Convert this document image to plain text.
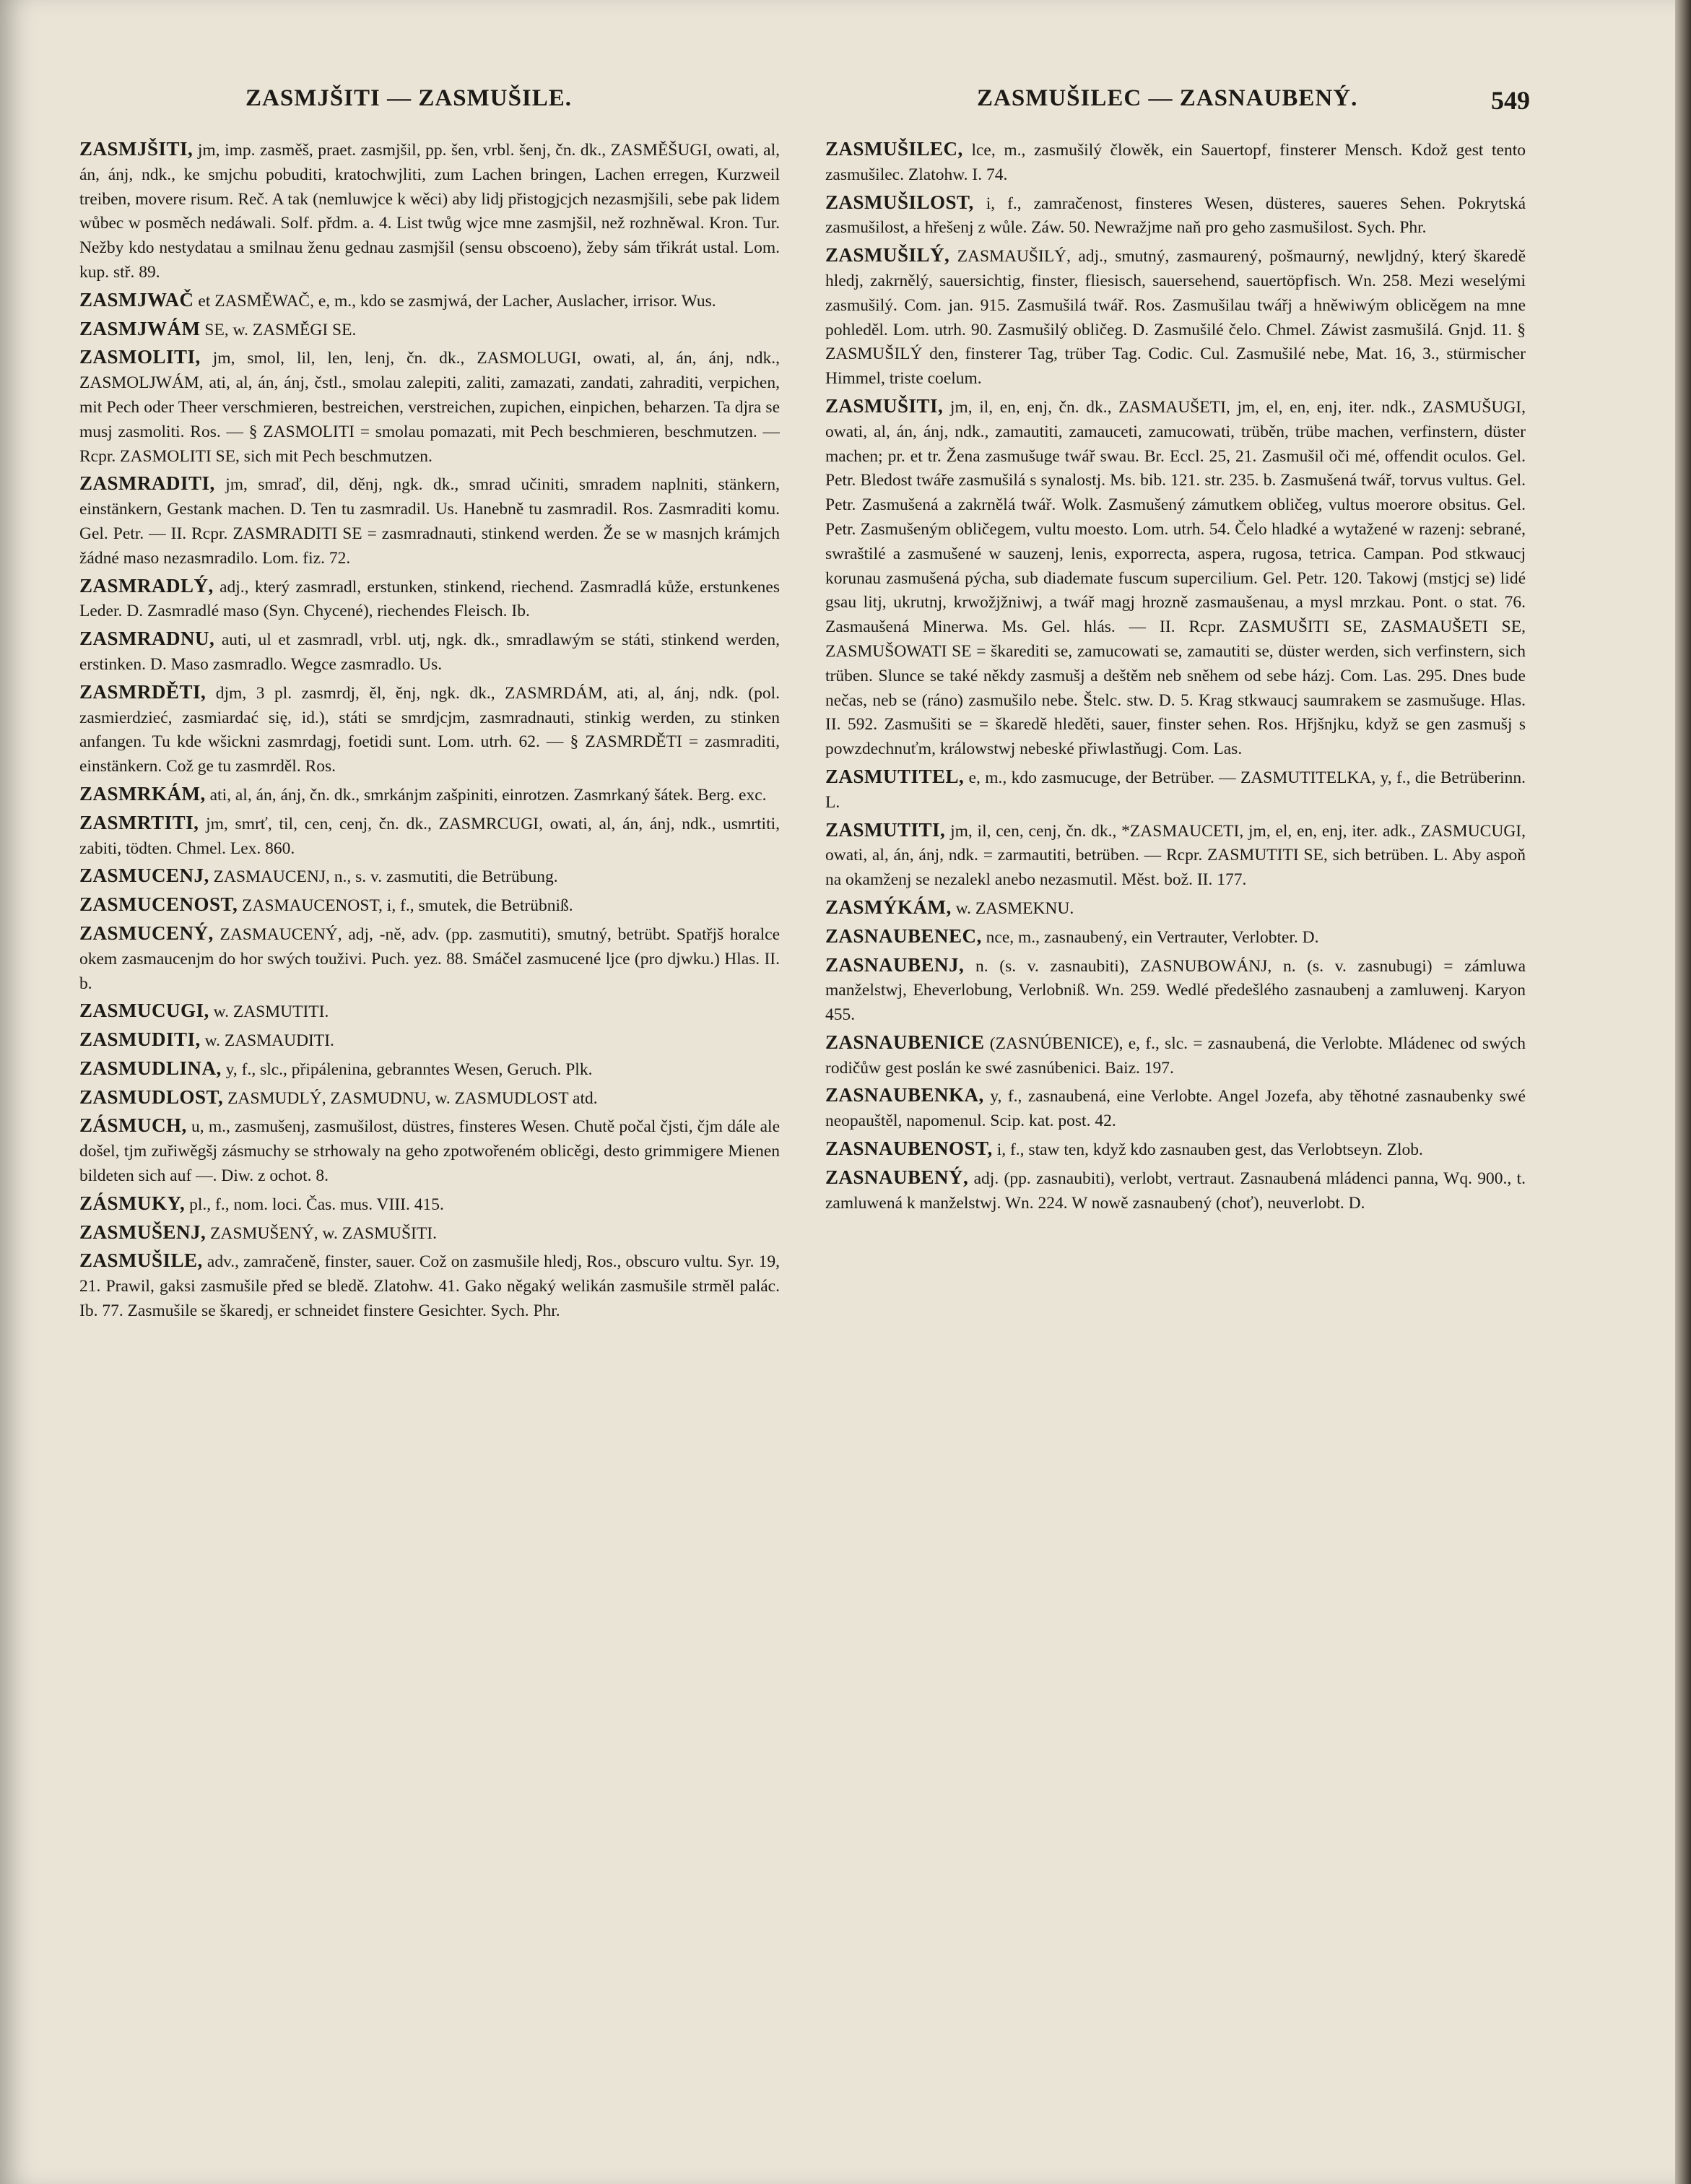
ZASMJŠITI — ZASMUŠILE.	ZASMUŠILEC — ZASNAUBENÝ.	549

ZASMJŠITI, jm, imp. zasměš, praet. zasmjšil, pp. šen, vrbl. šenj, čn. dk., ZASMĚŠUGI, owati, al, án, ánj, ndk., ke smjchu pobuditi, kratochwjliti, zum Lachen bringen, Lachen erregen, Kurzweil treiben, movere risum. Reč. A tak (nemluwjce k wěci) aby lidj přistogjcjch nezasmjšili, sebe pak lidem wůbec w posměch nedáwali. Solf. přdm. a. 4. List twůg wjce mne zasmjšil, než rozhněwal. Kron. Tur. Nežby kdo nestydatau a smilnau ženu gednau zasmjšil (sensu obscoeno), žeby sám třikrát ustal. Lom. kup. stř. 89.

ZASMJWAČ et ZASMĚWAČ, e, m., kdo se zasmjwá, der Lacher, Auslacher, irrisor. Wus.

ZASMJWÁM SE, w. ZASMĚGI SE.

ZASMOLITI, jm, smol, lil, len, lenj, čn. dk., ZASMOLUGI, owati, al, án, ánj, ndk., ZASMOLJWÁM, ati, al, án, ánj, čstl., smolau zalepiti, zaliti, zamazati, zandati, zahraditi, verpichen, mit Pech oder Theer verschmieren, bestreichen, verstreichen, zupichen, einpichen, beharzen. Ta djra se musj zasmoliti. Ros. — § ZASMOLITI = smolau pomazati, mit Pech beschmieren, beschmutzen. — Rcpr. ZASMOLITI SE, sich mit Pech beschmutzen.

ZASMRADITI, jm, smraď, dil, děnj, ngk. dk., smrad učiniti, smradem naplniti, stänkern, einstänkern, Gestank machen. D. Ten tu zasmradil. Us. Hanebně tu zasmradil. Ros. Zasmraditi komu. Gel. Petr. — II. Rcpr. ZASMRADITI SE = zasmradnauti, stinkend werden. Že se w masnjch krámjch žádné maso nezasmradilo. Lom. fiz. 72.

ZASMRADLÝ, adj., který zasmradl, erstunken, stinkend, riechend. Zasmradlá kůže, erstunkenes Leder. D. Zasmradlé maso (Syn. Chycené), riechendes Fleisch. Ib.

ZASMRADNU, auti, ul et zasmradl, vrbl. utj, ngk. dk., smradlawým se státi, stinkend werden, erstinken. D. Maso zasmradlo. Wegce zasmradlo. Us.

ZASMRDĚTI, djm, 3 pl. zasmrdj, ěl, ěnj, ngk. dk., ZASMRDÁM, ati, al, ánj, ndk. (pol. zasmierdzieć, zasmiardać się, id.), státi se smrdjcjm, zasmradnauti, stinkig werden, zu stinken anfangen. Tu kde wšickni zasmrdagj, foetidi sunt. Lom. utrh. 62. — § ZASMRDĚTI = zasmraditi, einstänkern. Což ge tu zasmrděl. Ros.

ZASMRKÁM, ati, al, án, ánj, čn. dk., smrkánjm zašpiniti, einrotzen. Zasmrkaný šátek. Berg. exc.

ZASMRTITI, jm, smrť, til, cen, cenj, čn. dk., ZASMRCUGI, owati, al, án, ánj, ndk., usmrtiti, zabiti, tödten. Chmel. Lex. 860.

ZASMUCENJ, ZASMAUCENJ, n., s. v. zasmutiti, die Betrübung.

ZASMUCENOST, ZASMAUCENOST, i, f., smutek, die Betrübniß.

ZASMUCENÝ, ZASMAUCENÝ, adj, -ně, adv. (pp. zasmutiti), smutný, betrübt. Spatřjš horalce okem zasmaucenjm do hor swých touživi. Puch. yez. 88. Smáčel zasmucené ljce (pro djwku.) Hlas. II. b.

ZASMUCUGI, w. ZASMUTITI.

ZASMUDITI, w. ZASMAUDITI.

ZASMUDLINA, y, f., slc., připálenina, gebranntes Wesen, Geruch. Plk.

ZASMUDLOST, ZASMUDLÝ, ZASMUDNU, w. ZASMUDLOST atd.

ZÁSMUCH, u, m., zasmušenj, zasmušilost, düstres, finsteres Wesen. Chutě počal čjsti, čjm dále ale došel, tjm zuřiwěgšj zásmuchy se strhowaly na geho zpotwořeném oblicěgi, desto grimmigere Mienen bildeten sich auf —. Diw. z ochot. 8.

ZÁSMUKY, pl., f., nom. loci. Čas. mus. VIII. 415.

ZASMUŠENJ, ZASMUŠENÝ, w. ZASMUŠITI.

ZASMUŠILE, adv., zamračeně, finster, sauer. Což on zasmušile hledj, Ros., obscuro vultu. Syr. 19, 21. Prawil, gaksi zasmušile před se bledě. Zlatohw. 41. Gako něgaký welikán zasmušile strměl palác. Ib. 77. Zasmušile se škaredj, er schneidet finstere Gesichter. Sych. Phr.

ZASMUŠILEC, lce, m., zasmušilý člowěk, ein Sauertopf, finsterer Mensch. Kdož gest tento zasmušilec. Zlatohw. I. 74.

ZASMUŠILOST, i, f., zamračenost, finsteres Wesen, düsteres, saueres Sehen. Pokrytská zasmušilost, a hřešenj z wůle. Záw. 50. Newražjme naň pro geho zasmušilost. Sych. Phr.

ZASMUŠILÝ, ZASMAUŠILÝ, adj., smutný, zasmaurený, pošmaurný, newljdný, který škaredě hledj, zakrnělý, sauersichtig, finster, fliesisch, sauersehend, sauertöpfisch. Wn. 258. Mezi weselými zasmušilý. Com. jan. 915. Zasmušilá twář. Ros. Zasmušilau twářj a hněwiwým oblicěgem na mne pohleděl. Lom. utrh. 90. Zasmušilý obličeg. D. Zasmušilé čelo. Chmel. Záwist zasmušilá. Gnjd. 11. § ZASMUŠILÝ den, finsterer Tag, trüber Tag. Codic. Cul. Zasmušilé nebe, Mat. 16, 3., stürmischer Himmel, triste coelum.

ZASMUŠITI, jm, il, en, enj, čn. dk., ZASMAUŠETI, jm, el, en, enj, iter. ndk., ZASMUŠUGI, owati, al, án, ánj, ndk., zamautiti, zamauceti, zamucowati, trüběn, trübe machen, verfinstern, düster machen; pr. et tr. Žena zasmušuge twář swau. Br. Eccl. 25, 21. Zasmušil oči mé, offendit oculos. Gel. Petr. Bledost twáře zasmušilá s synalostj. Ms. bib. 121. str. 235. b. Zasmušená twář, torvus vultus. Gel. Petr. Zasmušená a zakrnělá twář. Wolk. Zasmušený zámutkem obličeg, vultus moerore obsitus. Gel. Petr. Zasmušeným obličegem, vultu moesto. Lom. utrh. 54. Čelo hladké a wytažené w razenj: sebrané, swraštilé a zasmušené w sauzenj, lenis, exporrecta, aspera, rugosa, tetrica. Campan. Pod stkwaucj korunau zasmušená pýcha, sub diademate fuscum supercilium. Gel. Petr. 120. Takowj (mstjcj se) lidé gsau litj, ukrutnj, krwožjžniwj, a twář magj hrozně zasmaušenau, a mysl mrzkau. Pont. o stat. 76. Zasmaušená Minerwa. Ms. Gel. hlás. — II. Rcpr. ZASMUŠITI SE, ZASMAUŠETI SE, ZASMUŠOWATI SE = škarediti se, zamucowati se, zamautiti se, düster werden, sich verfinstern, sich trüben. Slunce se také někdy zasmušj a deštěm neb sněhem od sebe házj. Com. Las. 295. Dnes bude nečas, neb se (ráno) zasmušilo nebe. Štelc. stw. D. 5. Krag stkwaucj saumrakem se zasmušuge. Hlas. II. 592. Zasmušiti se = škaredě hleděti, sauer, finster sehen. Ros. Hřjšnjku, když se gen zasmušj s powzdechnuťm, králowstwj nebeské přiwlastňugj. Com. Las.

ZASMUTITEL, e, m., kdo zasmucuge, der Betrüber. — ZASMUTITELKA, y, f., die Betrüberinn. L.

ZASMUTITI, jm, il, cen, cenj, čn. dk., *ZASMAUCETI, jm, el, en, enj, iter. adk., ZASMUCUGI, owati, al, án, ánj, ndk. = zarmautiti, betrüben. — Rcpr. ZASMUTITI SE, sich betrüben. L. Aby aspoň na okamženj se nezalekl anebo nezasmutil. Měst. bož. II. 177.

ZASMÝKÁM, w. ZASMEKNU.

ZASNAUBENEC, nce, m., zasnaubený, ein Vertrauter, Verlobter. D.

ZASNAUBENJ, n. (s. v. zasnaubiti), ZASNUBOWÁNJ, n. (s. v. zasnubugi) = zámluwa manželstwj, Eheverlobung, Verlobniß. Wn. 259. Wedlé předešlého zasnaubenj a zamluwenj. Karyon 455.

ZASNAUBENICE (ZASNÚBENICE), e, f., slc. = zasnaubená, die Verlobte. Mládenec od swých rodičůw gest poslán ke swé zasnúbenici. Baiz. 197.

ZASNAUBENKA, y, f., zasnaubená, eine Verlobte. Angel Jozefa, aby těhotné zasnaubenky swé neopauštěl, napomenul. Scip. kat. post. 42.

ZASNAUBENOST, i, f., staw ten, když kdo zasnauben gest, das Verlobtseyn. Zlob.

ZASNAUBENÝ, adj. (pp. zasnaubiti), verlobt, vertraut. Zasnaubená mládenci panna, Wq. 900., t. zamluwená k manželstwj. Wn. 224. W nowě zasnaubený (choť), neuverlobt. D.
